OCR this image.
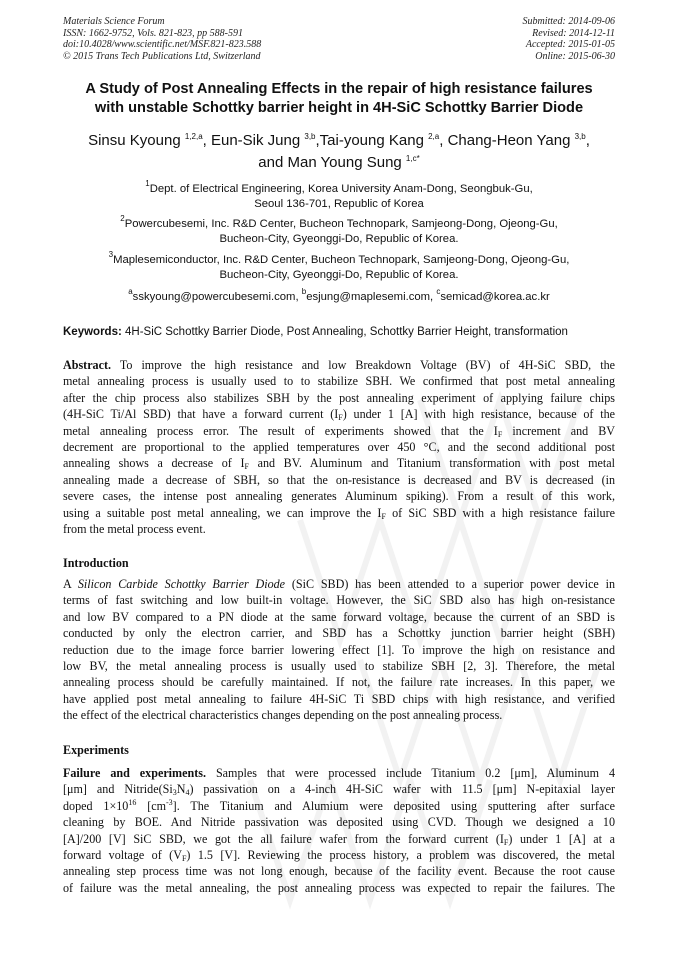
Materials Science Forum
ISSN: 1662-9752, Vols. 821-823, pp 588-591
doi:10.4028/www.scientific.net/MSF.821-823.588
© 2015 Trans Tech Publications Ltd, Switzerland
Submitted: 2014-09-06
Revised: 2014-12-11
Accepted: 2015-01-05
Online: 2015-06-30
A Study of Post Annealing Effects in the repair of high resistance failures
with unstable Schottky barrier height in 4H-SiC Schottky Barrier Diode
Sinsu Kyoung $^{1,2,a}$, Eun-Sik Jung $^{3,b}$,Tai-young Kang $^{2,a}$, Chang-Heon Yang $^{3,b}$,
and Man Young Sung $^{1,c*}$
$^1$Dept. of Electrical Engineering, Korea University Anam-Dong, Seongbuk-Gu,
Seoul 136-701, Republic of Korea
$^2$Powercubesemi, Inc. R&D Center, Bucheon Technopark, Samjeong-Dong, Ojeong-Gu,
Bucheon-City, Gyeonggi-Do, Republic of Korea.
$^3$Maplesemiconductor, Inc. R&D Center, Bucheon Technopark, Samjeong-Dong, Ojeong-Gu,
Bucheon-City, Gyeonggi-Do, Republic of Korea.
$^a$sskyoung@powercubesemi.com, $^b$esjung@maplesemi.com, $^c$semicad@korea.ac.kr
Keywords: 4H-SiC Schottky Barrier Diode, Post Annealing, Schottky Barrier Height, transformation
Abstract. To improve the high resistance and low Breakdown Voltage (BV) of 4H-SiC SBD, the
metal annealing process is usually used to to stabilize SBH. We confirmed that post metal annealing
after the chip process also stabilizes SBH by the post annealing experiment of applying failure chips
(4H-SiC Ti/Al SBD) that have a forward current $(I_F)$ under 1 [A] with high resistance, because of the
metal annealing process error. The result of experiments showed that the $I_F$ increment and BV
decrement are proportional to the applied temperatures over 450 °C, and the second additional post
annealing shows a decrease of $I_F$ and BV. Aluminum and Titanium transformation with post metal
annealing made a decrease of SBH, so that the on-resistance is decreased and BV is decreased (in
severe cases, the intense post annealing generates Aluminum spiking). From a result of this work,
using a suitable post metal annealing, we can improve the $I_F$ of SiC SBD with a high resistance failure
from the metal process event.
Introduction
A Silicon Carbide Schottky Barrier Diode (SiC SBD) has been attended to a superior power device in
terms of fast switching and low built-in voltage. However, the SiC SBD also has high on-resistance
and low BV compared to a PN diode at the same forward voltage, because the current of an SBD is
conducted by only the electron carrier, and SBD has a Schottky junction barrier height (SBH)
reduction due to the image force barrier lowering effect [1]. To improve the high on resistance and
low BV, the metal annealing process is usually used to stabilize SBH [2, 3]. Therefore, the metal
annealing process should be carefully maintained. If not, the failure rate increases. In this paper, we
have applied post metal annealing to failure 4H-SiC Ti SBD chips with high resistance, and verified
the effect of the electrical characteristics changes depending on the post annealing process.
Experiments
Failure and experiments. Samples that were processed include Titanium 0.2 [μm], Aluminum 4
[μm] and $Nitride(Si_3N_4)$ passivation on a 4-inch 4H-SiC wafer with 11.5 [μm] N-epitaxial layer
doped $1\times 10^{16}$ $[cm^{-3}]$. The Titanium and Alumium were deposited using sputtering after surface
cleaning by BOE. And Nitride passivation was deposited using CVD. Though we designed a 10
[A]/200 [V] SiC SBD, we got the all failure wafer from the forward current $(I_F)$ under 1 [A] at a
forward voltage of $(V_F)$ 1.5 [V]. Reviewing the process history, a problem was discovered, the metal
annealing step process time was not long enough, because of the facility event. Because the root cause
of failure was the metal annealing, the post annealing process was expected to repair the failures. The
